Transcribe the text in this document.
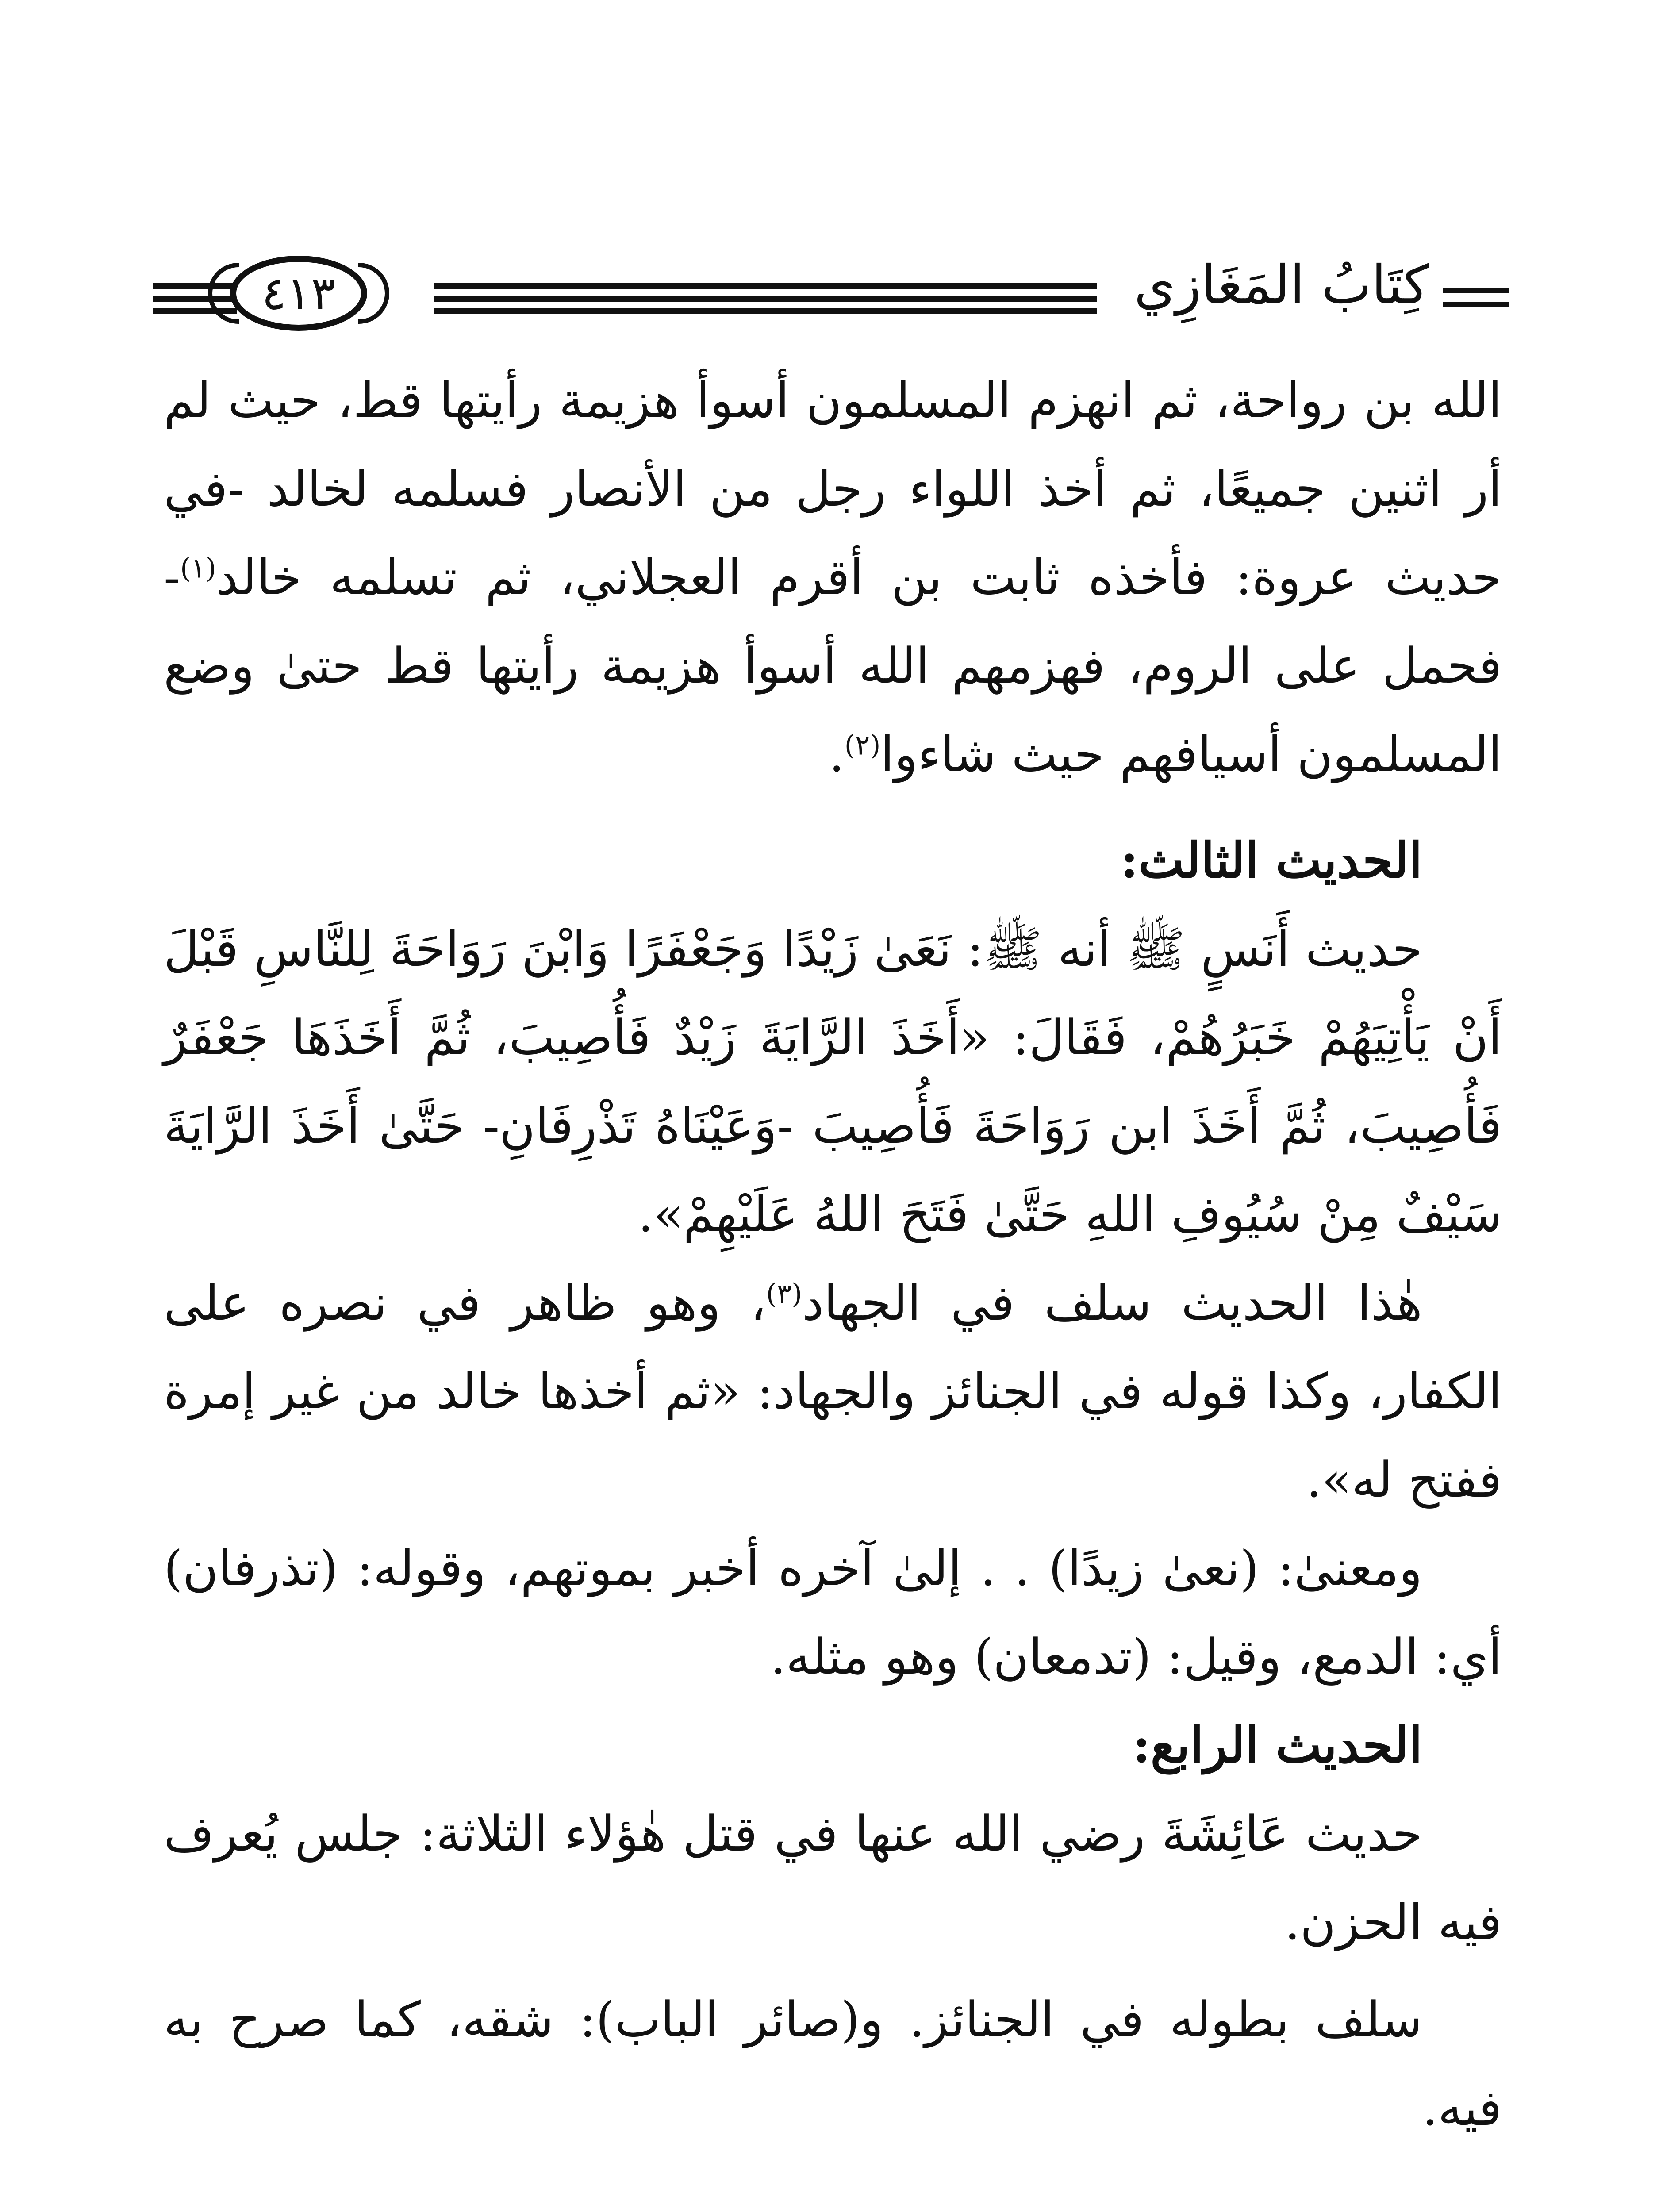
كِتَابُ المَغَازِي
٤١٣

الله بن رواحة، ثم انهزم المسلمون أسوأ هزيمة رأيتها قط، حيث لم أر اثنين جميعًا، ثم أخذ اللواء رجل من الأنصار فسلمه لخالد -في حديث عروة: فأخذه ثابت بن أقرم العجلاني، ثم تسلمه خالد$^{(١)}$- فحمل على الروم، فهزمهم الله أسوأ هزيمة رأيتها قط حتىٰ وضع المسلمون أسيافهم حيث شاءوا$^{(٢)}$.

الحديث الثالث:

حديث أَنَسٍ ﷺ أنه ﷺ: نَعَىٰ زَيْدًا وَجَعْفَرًا وَابْنَ رَوَاحَةَ لِلنَّاسِ قَبْلَ أَنْ يَأْتِيَهُمْ خَبَرُهُمْ، فَقَالَ: «أَخَذَ الرَّايَةَ زَيْدٌ فَأُصِيبَ، ثُمَّ أَخَذَهَا جَعْفَرٌ فَأُصِيبَ، ثُمَّ أَخَذَ ابن رَوَاحَةَ فَأُصِيبَ -وَعَيْنَاهُ تَذْرِفَانِ- حَتَّىٰ أَخَذَ الرَّايَةَ سَيْفٌ مِنْ سُيُوفِ اللهِ حَتَّىٰ فَتَحَ اللهُ عَلَيْهِمْ».

هٰذا الحديث سلف في الجهاد$^{(٣)}$، وهو ظاهر في نصره على الكفار، وكذا قوله في الجنائز والجهاد: «ثم أخذها خالد من غير إمرة ففتح له».

ومعنىٰ: (نعىٰ زيدًا) . . إلىٰ آخره أخبر بموتهم، وقوله: (تذرفان) أي: الدمع، وقيل: (تدمعان) وهو مثله.

الحديث الرابع:

حديث عَائِشَةَ رضي الله عنها في قتل هٰؤلاء الثلاثة: جلس يُعرف فيه الحزن.

سلف بطوله في الجنائز. و(صائر الباب): شقه، كما صرح به فيه.
